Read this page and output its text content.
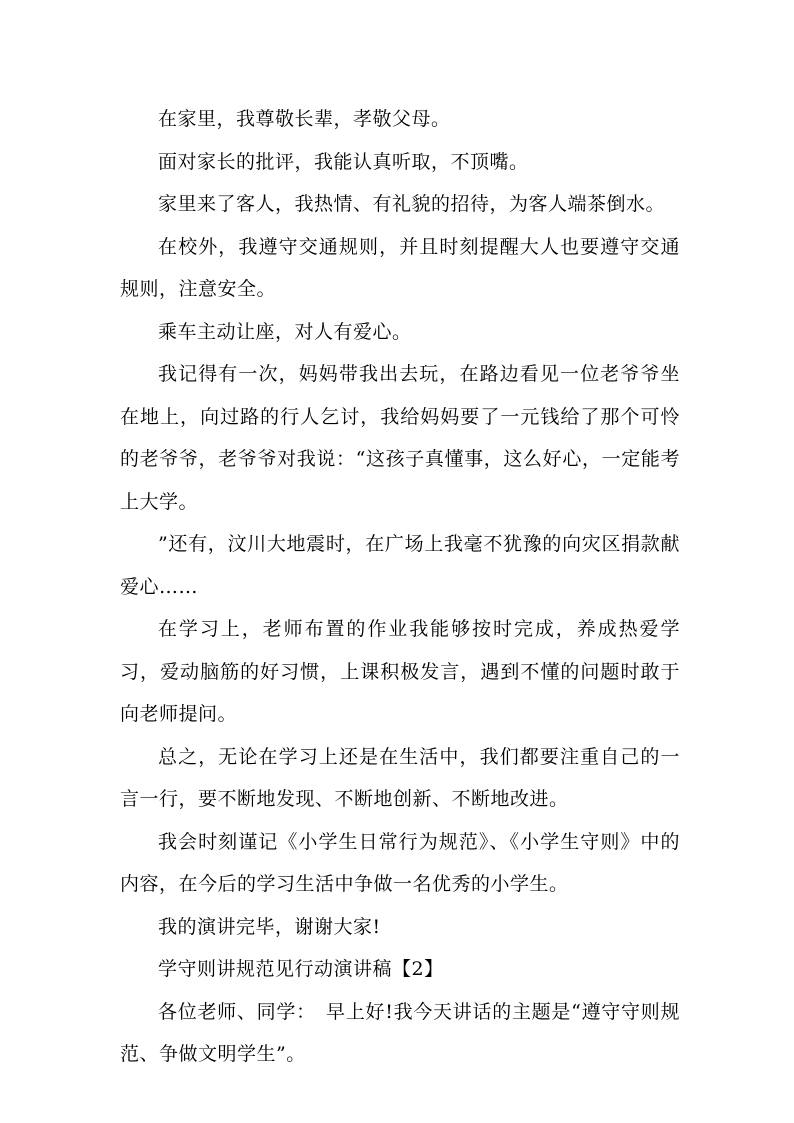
在家里，我尊敬长辈，孝敬父母。

面对家长的批评，我能认真听取，不顶嘴。

家里来了客人，我热情、有礼貌的招待，为客人端茶倒水。

在校外，我遵守交通规则，并且时刻提醒大人也要遵守交通规则，注意安全。

乘车主动让座，对人有爱心。

我记得有一次，妈妈带我出去玩，在路边看见一位老爷爷坐在地上，向过路的行人乞讨，我给妈妈要了一元钱给了那个可怜的老爷爷，老爷爷对我说：“这孩子真懂事，这么好心，一定能考上大学。

”还有，汶川大地震时，在广场上我毫不犹豫的向灾区捐款献爱心……

在学习上，老师布置的作业我能够按时完成，养成热爱学习，爱动脑筋的好习惯，上课积极发言，遇到不懂的问题时敢于向老师提问。

总之，无论在学习上还是在生活中，我们都要注重自己的一言一行，要不断地发现、不断地创新、不断地改进。

我会时刻谨记《小学生日常行为规范》、《小学生守则》中的内容，在今后的学习生活中争做一名优秀的小学生。

我的演讲完毕，谢谢大家!

学守则讲规范见行动演讲稿【2】

各位老师、同学：　早上好!我今天讲话的主题是“遵守守则规范、争做文明学生”。
